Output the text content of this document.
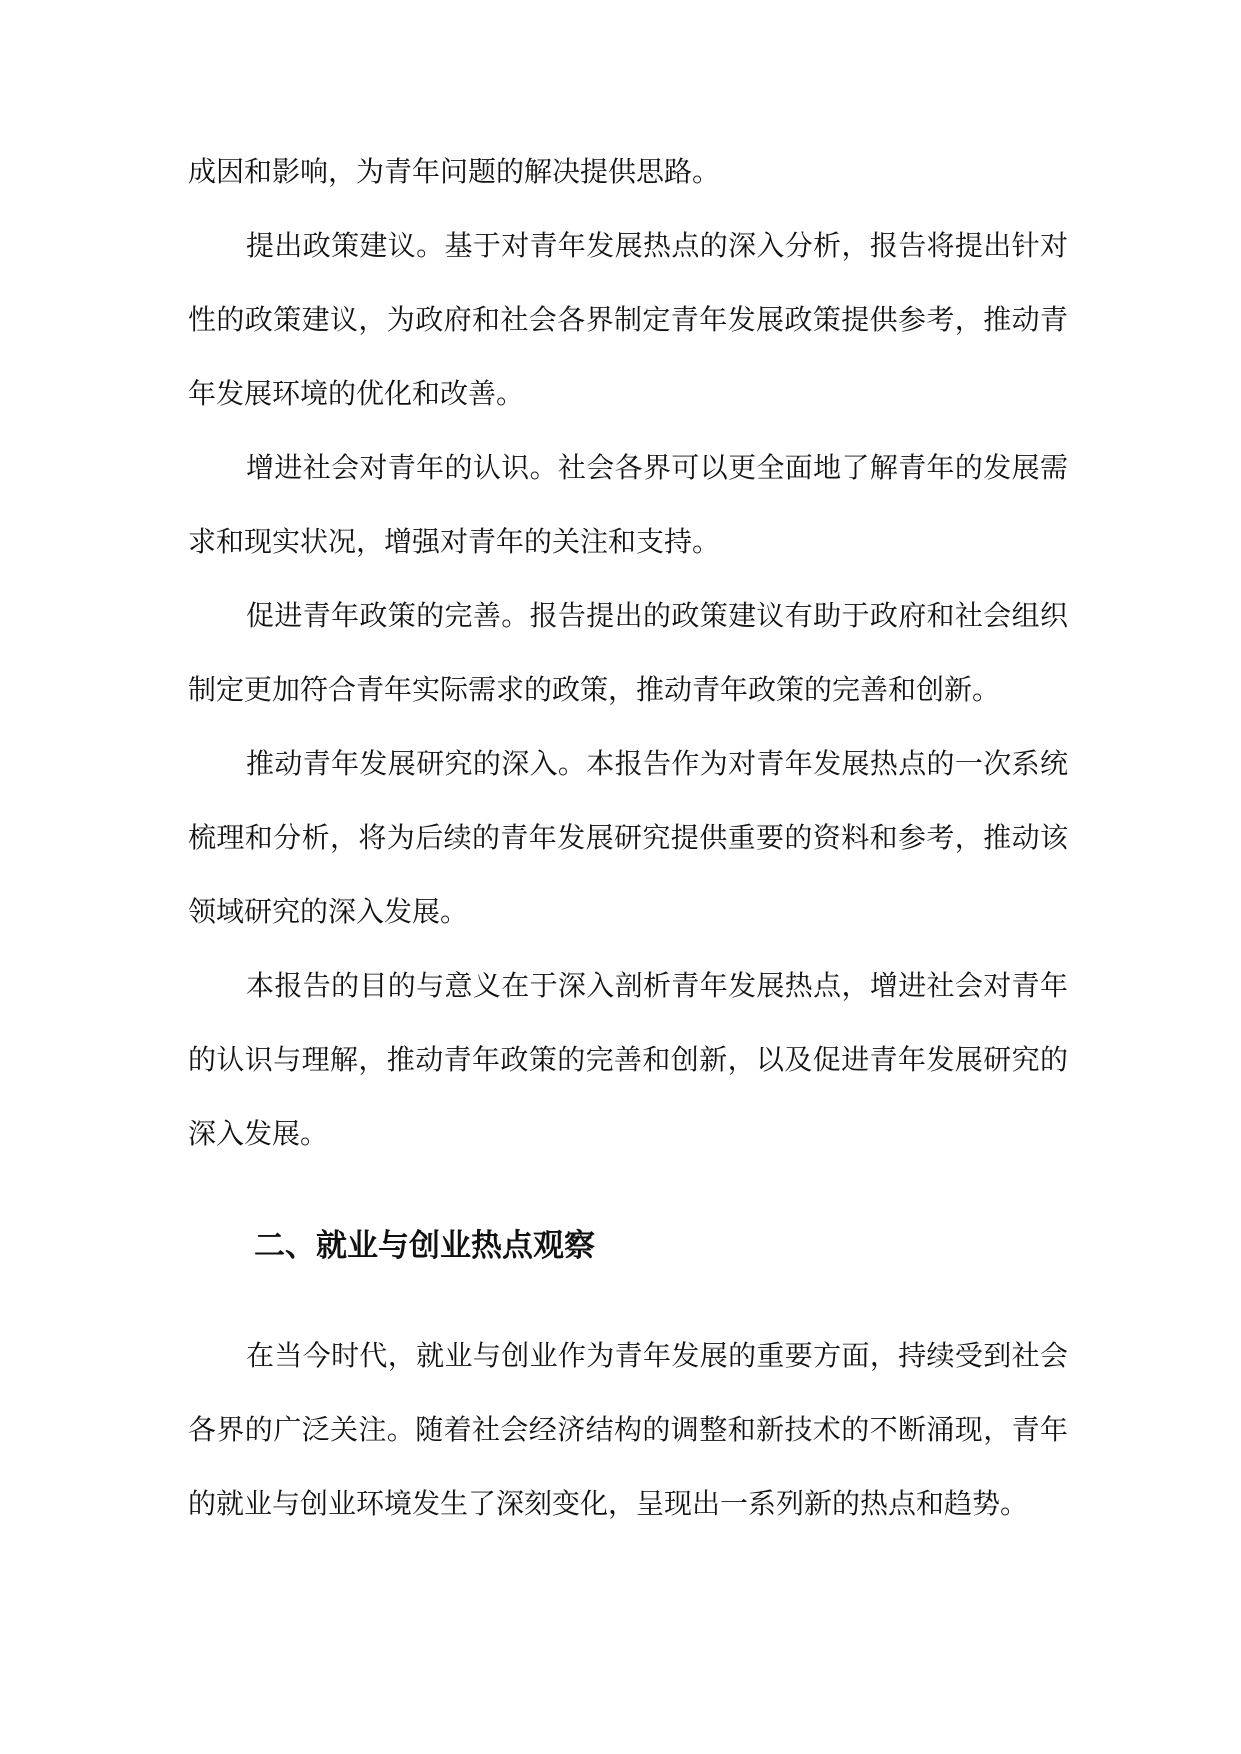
成因和影响，为青年问题的解决提供思路。

提出政策建议。基于对青年发展热点的深入分析，报告将提出针对性的政策建议，为政府和社会各界制定青年发展政策提供参考，推动青年发展环境的优化和改善。

增进社会对青年的认识。社会各界可以更全面地了解青年的发展需求和现实状况，增强对青年的关注和支持。

促进青年政策的完善。报告提出的政策建议有助于政府和社会组织制定更加符合青年实际需求的政策，推动青年政策的完善和创新。

推动青年发展研究的深入。本报告作为对青年发展热点的一次系统梳理和分析，将为后续的青年发展研究提供重要的资料和参考，推动该领域研究的深入发展。

本报告的目的与意义在于深入剖析青年发展热点，增进社会对青年的认识与理解，推动青年政策的完善和创新，以及促进青年发展研究的深入发展。

二、就业与创业热点观察

在当今时代，就业与创业作为青年发展的重要方面，持续受到社会各界的广泛关注。随着社会经济结构的调整和新技术的不断涌现，青年的就业与创业环境发生了深刻变化，呈现出一系列新的热点和趋势。
